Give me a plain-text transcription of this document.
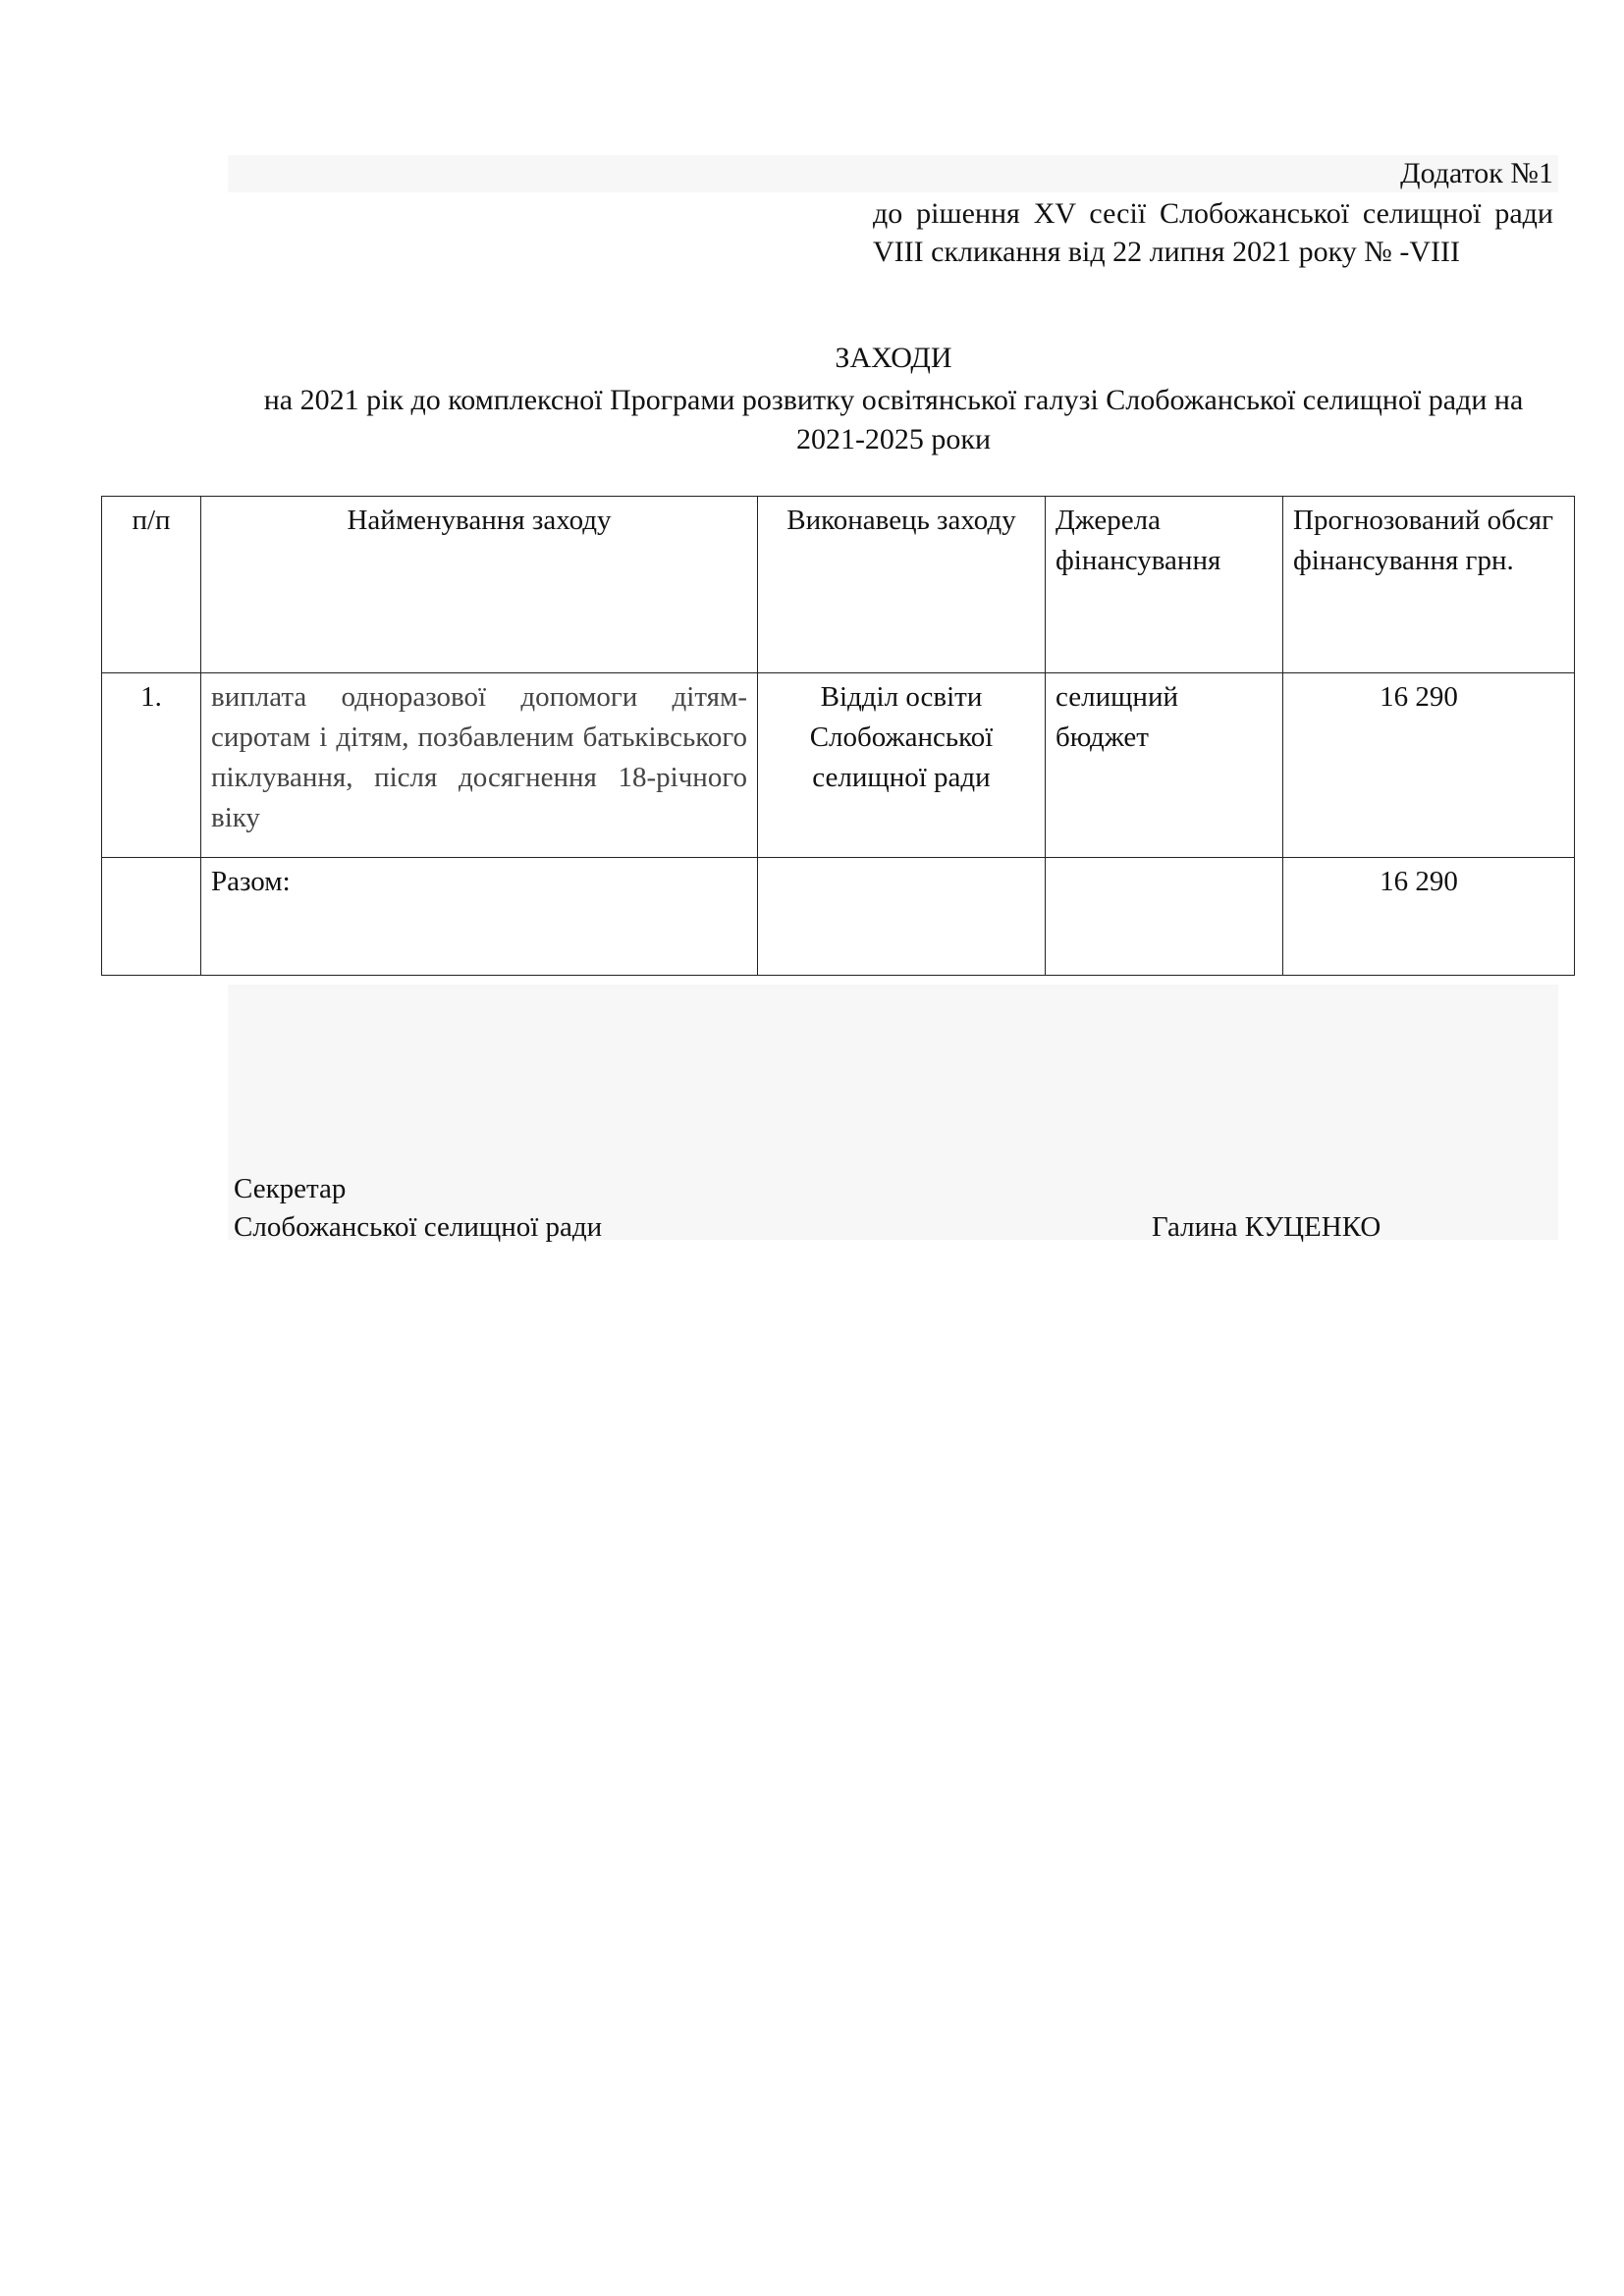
Додаток №1
до рішення XV сесії Слобожанської селищної ради VIII скликання від 22 липня 2021 року № -VIII
ЗАХОДИ
на 2021 рік до комплексної Програми розвитку освітянської галузі Слобожанської селищної ради на 2021-2025 роки
п/п	Найменування заходу	Виконавець заходу	Джерела фінансування	Прогнозований обсяг фінансування грн.
1.	виплата одноразової допомоги дітям-сиротам і дітям, позбавленим батьківського піклування, після досягнення 18-річного віку	Відділ освіти Слобожанської селищної ради	селищний бюджет	16 290
	Разом:			16 290
Секретар
Слобожанської селищної ради	Галина КУЦЕНКО
